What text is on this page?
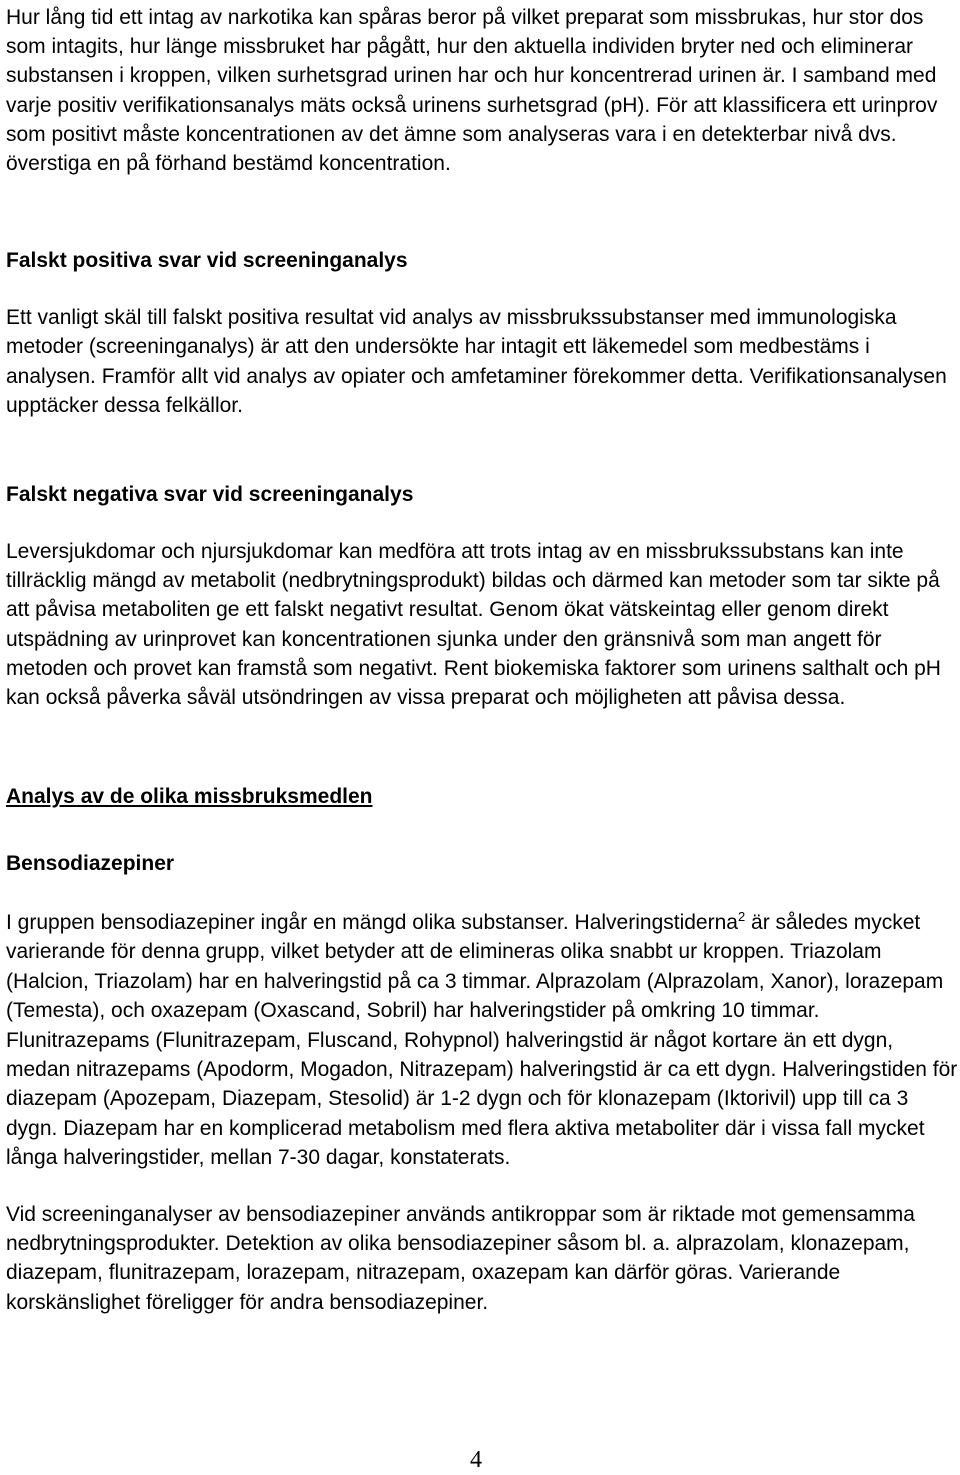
Hur lång tid ett intag av narkotika kan spåras beror på vilket preparat som missbrukas, hur stor dos som intagits, hur länge missbruket har pågått, hur den aktuella individen bryter ned och eliminerar substansen i kroppen, vilken surhetsgrad urinen har och hur koncentrerad urinen är. I samband med varje positiv verifikationsanalys mäts också urinens surhetsgrad (pH). För att klassificera ett urinprov som positivt måste koncentrationen av det ämne som analyseras vara i en detekterbar nivå dvs. överstiga en på förhand bestämd koncentration.

Falskt positiva svar vid screeninganalys

Ett vanligt skäl till falskt positiva resultat vid analys av missbrukssubstanser med immunologiska metoder (screeninganalys) är att den undersökte har intagit ett läkemedel som medbestäms i analysen. Framför allt vid analys av opiater och amfetaminer förekommer detta. Verifikationsanalysen upptäcker dessa felkällor.

Falskt negativa svar vid screeninganalys

Leversjukdomar och njursjukdomar kan medföra att trots intag av en missbrukssubstans kan inte tillräcklig mängd av metabolit (nedbrytningsprodukt) bildas och därmed kan metoder som tar sikte på att påvisa metaboliten ge ett falskt negativt resultat. Genom ökat vätskeintag eller genom direkt utspädning av urinprovet kan koncentrationen sjunka under den gränsnivå som man angett för metoden och provet kan framstå som negativt. Rent biokemiska faktorer som urinens salthalt och pH kan också påverka såväl utsöndringen av vissa preparat och möjligheten att påvisa dessa.

Analys av de olika missbruksmedlen
Bensodiazepiner

I gruppen bensodiazepiner ingår en mängd olika substanser. Halveringstiderna$^2$ är således mycket varierande för denna grupp, vilket betyder att de elimineras olika snabbt ur kroppen. Triazolam (Halcion, Triazolam) har en halveringstid på ca 3 timmar. Alprazolam (Alprazolam, Xanor), lorazepam (Temesta), och oxazepam (Oxascand, Sobril) har halveringstider på omkring 10 timmar.

Flunitrazepams (Flunitrazepam, Fluscand, Rohypnol) halveringstid är något kortare än ett dygn, medan nitrazepams (Apodorm, Mogadon, Nitrazepam) halveringstid är ca ett dygn. Halveringstiden för diazepam (Apozepam, Diazepam, Stesolid) är 1-2 dygn och för klonazepam (Iktorivil) upp till ca 3 dygn. Diazepam har en komplicerad metabolism med flera aktiva metaboliter där i vissa fall mycket långa halveringstider, mellan 7-30 dagar, konstaterats.

Vid screeninganalyser av bensodiazepiner används antikroppar som är riktade mot gemensamma nedbrytningsprodukter. Detektion av olika bensodiazepiner såsom bl. a. alprazolam, klonazepam, diazepam, flunitrazepam, lorazepam, nitrazepam, oxazepam kan därför göras. Varierande korskänslighet föreligger för andra bensodiazepiner.

4
